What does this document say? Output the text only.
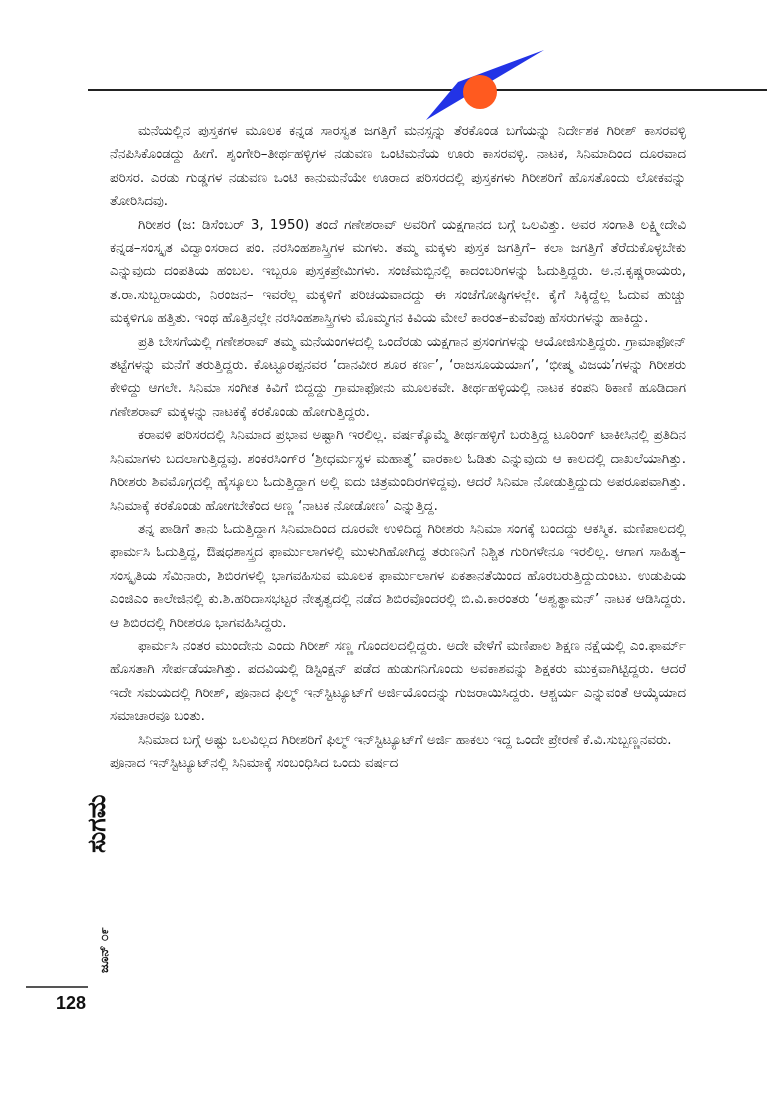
ಮನೆಯಲ್ಲಿನ ಪುಸ್ತಕಗಳ ಮೂಲಕ ಕನ್ನಡ ಸಾರಸ್ವತ ಜಗತ್ತಿಗೆ ಮನಸ್ಸನ್ನು ತೆರಕೊಂಡ ಬಗೆಯನ್ನು ನಿರ್ದೇಶಕ ಗಿರೀಶ್ ಕಾಸರವಳ್ಳಿ ನೆನಪಿಸಿಕೊಂಡದ್ದು ಹೀಗೆ. ಶೃಂಗೇರಿ–ತೀರ್ಥಹಳ್ಳಿಗಳ ನಡುವಣ ಒಂಟಿಮನೆಯ ಊರು ಕಾಸರವಳ್ಳಿ. ನಾಟಕ, ಸಿನಿಮಾದಿಂದ ದೂರವಾದ ಪರಿಸರ. ಎರಡು ಗುಡ್ಡಗಳ ನಡುವಣ ಒಂಟಿ ಕಾನುಮನೆಯೇ ಊರಾದ ಪರಿಸರದಲ್ಲಿ ಪುಸ್ತಕಗಳು ಗಿರೀಶರಿಗೆ ಹೊಸತೊಂದು ಲೋಕವನ್ನು ತೋರಿಸಿದವು.

ಗಿರೀಶರ (ಜ: ಡಿಸೆಂಬರ್ 3, 1950) ತಂದೆ ಗಣೇಶರಾವ್ ಅವರಿಗೆ ಯಕ್ಷಗಾನದ ಬಗ್ಗೆ ಒಲವಿತ್ತು. ಅವರ ಸಂಗಾತಿ ಲಕ್ಷ್ಮೀದೇವಿ ಕನ್ನಡ–ಸಂಸ್ಕೃತ ವಿದ್ವಾಂಸರಾದ ಪಂ. ನರಸಿಂಹಶಾಸ್ತ್ರಿಗಳ ಮಗಳು. ತಮ್ಮ ಮಕ್ಕಳು ಪುಸ್ತಕ ಜಗತ್ತಿಗೆ– ಕಲಾ ಜಗತ್ತಿಗೆ ತೆರೆದುಕೊಳ್ಳಬೇಕು ಎನ್ನುವುದು ದಂಪತಿಯ ಹಂಬಲ. ಇಬ್ಬರೂ ಪುಸ್ತಕಪ್ರೇಮಿಗಳು. ಸಂಜೆಮಬ್ಬಿನಲ್ಲಿ ಕಾದಂಬರಿಗಳನ್ನು ಓದುತ್ತಿದ್ದರು. ಅ.ನ.ಕೃಷ್ಣರಾಯರು, ತ.ರಾ.ಸುಬ್ಬರಾಯರು, ನಿರಂಜನ– ಇವರೆಲ್ಲ ಮಕ್ಕಳಿಗೆ ಪರಿಚಯವಾದದ್ದು ಈ ಸಂಜೆಗೋಷ್ಠಿಗಳಲ್ಲೇ. ಕೈಗೆ ಸಿಕ್ಕಿದ್ದೆಲ್ಲ ಓದುವ ಹುಚ್ಚು ಮಕ್ಕಳಿಗೂ ಹತ್ತಿತು. ಇಂಥ ಹೊತ್ತಿನಲ್ಲೇ ನರಸಿಂಹಶಾಸ್ತ್ರಿಗಳು ಮೊಮ್ಮಗನ ಕಿವಿಯ ಮೇಲೆ ಕಾರಂತ–ಕುವೆಂಪು ಹೆಸರುಗಳನ್ನು ಹಾಕಿದ್ದು.

ಪ್ರತಿ ಬೇಸಗೆಯಲ್ಲಿ ಗಣೇಶರಾವ್ ತಮ್ಮ ಮನೆಯಂಗಳದಲ್ಲಿ ಒಂದೆರಡು ಯಕ್ಷಗಾನ ಪ್ರಸಂಗಗಳನ್ನು ಆಯೋಜಿಸುತ್ತಿದ್ದರು. ಗ್ರಾಮಾಫೋನ್ ತಟ್ಟೆಗಳನ್ನು ಮನೆಗೆ ತರುತ್ತಿದ್ದರು. ಕೊಟ್ಟೂರಪ್ಪನವರ ‘ದಾನವೀರ ಶೂರ ಕರ್ಣ’, ‘ರಾಜಸೂಯಯಾಗ’, ‘ಭೀಷ್ಮ ವಿಜಯ’ಗಳನ್ನು ಗಿರೀಶರು ಕೇಳಿದ್ದು ಆಗಲೇ. ಸಿನಿಮಾ ಸಂಗೀತ ಕಿವಿಗೆ ಬಿದ್ದದ್ದು ಗ್ರಾಮಾಫೋನು ಮೂಲಕವೇ. ತೀರ್ಥಹಳ್ಳಿಯಲ್ಲಿ ನಾಟಕ ಕಂಪನಿ ಠಿಕಾಣಿ ಹೂಡಿದಾಗ ಗಣೇಶರಾವ್ ಮಕ್ಕಳನ್ನು ನಾಟಕಕ್ಕೆ ಕರಕೊಂಡು ಹೋಗುತ್ತಿದ್ದರು.

ಕರಾವಳಿ ಪರಿಸರದಲ್ಲಿ ಸಿನಿಮಾದ ಪ್ರಭಾವ ಅಷ್ಟಾಗಿ ಇರಲಿಲ್ಲ. ವರ್ಷಕ್ಕೊಮ್ಮೆ ತೀರ್ಥಹಳ್ಳಿಗೆ ಬರುತ್ತಿದ್ದ ಟೂರಿಂಗ್ ಟಾಕೀಸಿನಲ್ಲಿ ಪ್ರತಿದಿನ ಸಿನಿಮಾಗಳು ಬದಲಾಗುತ್ತಿದ್ದವು. ಶಂಕರಸಿಂಗ್‌ರ ‘ಶ್ರೀಧರ್ಮಸ್ಥಳ ಮಹಾತ್ಮೆ’ ವಾರಕಾಲ ಓಡಿತು ಎನ್ನುವುದು ಆ ಕಾಲದಲ್ಲಿ ದಾಖಲೆಯಾಗಿತ್ತು. ಗಿರೀಶರು ಶಿವಮೊಗ್ಗದಲ್ಲಿ ಹೈಸ್ಕೂಲು ಓದುತ್ತಿದ್ದಾಗ ಅಲ್ಲಿ ಐದು ಚಿತ್ರಮಂದಿರಗಳಿದ್ದವು. ಆದರೆ ಸಿನಿಮಾ ನೋಡುತ್ತಿದ್ದುದು ಅಪರೂಪವಾಗಿತ್ತು. ಸಿನಿಮಾಕ್ಕೆ ಕರಕೊಂಡು ಹೋಗಬೇಕೆಂದ ಅಣ್ಣ ‘ನಾಟಕ ನೋಡೋಣ’ ಎನ್ನುತ್ತಿದ್ದ.

ತನ್ನ ಪಾಡಿಗೆ ತಾನು ಓದುತ್ತಿದ್ದಾಗ ಸಿನಿಮಾದಿಂದ ದೂರವೇ ಉಳಿದಿದ್ದ ಗಿರೀಶರು ಸಿನಿಮಾ ಸಂಗಕ್ಕೆ ಬಂದದ್ದು ಆಕಸ್ಮಿಕ. ಮಣಿಪಾಲದಲ್ಲಿ ಫಾರ್ಮಸಿ ಓದುತ್ತಿದ್ದ, ಔಷಧಶಾಸ್ತ್ರದ ಫಾರ್ಮುಲಾಗಳಲ್ಲಿ ಮುಳುಗಿಹೋಗಿದ್ದ ತರುಣನಿಗೆ ನಿಶ್ಚಿತ ಗುರಿಗಳೇನೂ ಇರಲಿಲ್ಲ. ಆಗಾಗ ಸಾಹಿತ್ಯ–ಸಂಸ್ಕೃತಿಯ ಸೆಮಿನಾರು, ಶಿಬಿರಗಳಲ್ಲಿ ಭಾಗವಹಿಸುವ ಮೂಲಕ ಫಾರ್ಮುಲಾಗಳ ಏಕತಾನತೆಯಿಂದ ಹೊರಬರುತ್ತಿದ್ದುದುಂಟು. ಉಡುಪಿಯ ಎಂಜಿಎಂ ಕಾಲೇಜಿನಲ್ಲಿ ಕು.ಶಿ.ಹರಿದಾಸಭಟ್ಟರ ನೇತೃತ್ವದಲ್ಲಿ ನಡೆದ ಶಿಬಿರವೊಂದರಲ್ಲಿ ಬಿ.ವಿ.ಕಾರಂತರು ‘ಅಶ್ವತ್ಥಾಮನ್’ ನಾಟಕ ಆಡಿಸಿದ್ದರು. ಆ ಶಿಬಿರದಲ್ಲಿ ಗಿರೀಶರೂ ಭಾಗವಹಿಸಿದ್ದರು.

ಫಾರ್ಮಸಿ ನಂತರ ಮುಂದೇನು ಎಂದು ಗಿರೀಶ್ ಸಣ್ಣ ಗೊಂದಲದಲ್ಲಿದ್ದರು. ಅದೇ ವೇಳೆಗೆ ಮಣಿಪಾಲ ಶಿಕ್ಷಣ ನಕ್ಷೆಯಲ್ಲಿ ಎಂ.ಫಾರ್ಮ್ ಹೊಸತಾಗಿ ಸೇರ್ಪಡೆಯಾಗಿತ್ತು. ಪದವಿಯಲ್ಲಿ ಡಿಸ್ಟಿಂಕ್ಷನ್ ಪಡೆದ ಹುಡುಗನಿಗೊಂದು ಅವಕಾಶವನ್ನು ಶಿಕ್ಷಕರು ಮುಕ್ತವಾಗಿಟ್ಟಿದ್ದರು. ಆದರೆ ಇದೇ ಸಮಯದಲ್ಲಿ ಗಿರೀಶ್, ಪೂನಾದ ಫಿಲ್ಮ್ ಇನ್‌ಸ್ಟಿಟ್ಯೂಟ್‌ಗೆ ಅರ್ಜಿಯೊಂದನ್ನು ಗುಜರಾಯಿಸಿದ್ದರು. ಆಶ್ಚರ್ಯ ಎನ್ನುವಂತೆ ಆಯ್ಕೆಯಾದ ಸಮಾಚಾರವೂ ಬಂತು.

ಸಿನಿಮಾದ ಬಗ್ಗೆ ಅಷ್ಟು ಒಲವಿಲ್ಲದ ಗಿರೀಶರಿಗೆ ಫಿಲ್ಮ್ ಇನ್‌ಸ್ಟಿಟ್ಯೂಟ್‌ಗೆ ಅರ್ಜಿ ಹಾಕಲು ಇದ್ದ ಒಂದೇ ಪ್ರೇರಣೆ ಕೆ.ವಿ.ಸುಬ್ಬಣ್ಣನವರು. ಪೂನಾದ ಇನ್‌ಸ್ಟಿಟ್ಯೂಟ್‌ನಲ್ಲಿ ಸಿನಿಮಾಕ್ಕೆ ಸಂಬಂಧಿಸಿದ ಒಂದು ವರ್ಷದ

ಸುಗಮ
ಜೂನ್ ೦೯
128
